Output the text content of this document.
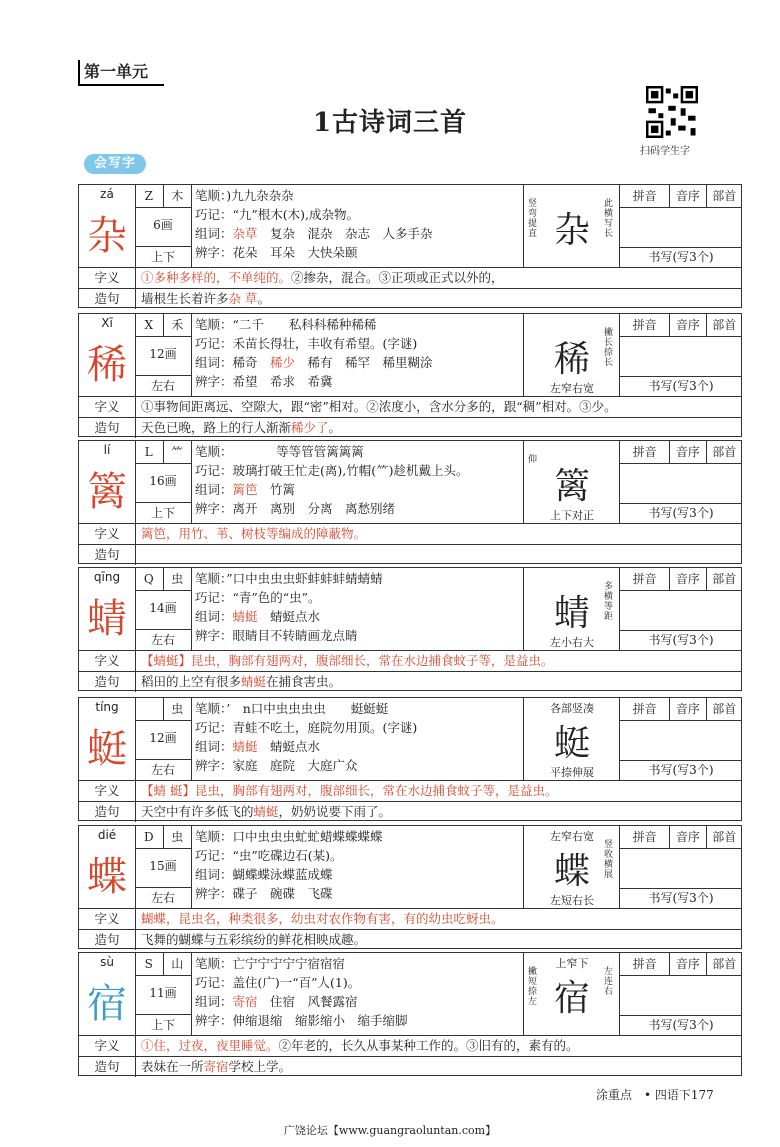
第一单元
1古诗词三首
扫码学生字
会写字
zá
杂
Z	木
6画
上下
笔顺：)九九杂杂杂
巧记：“九”根木(木),成杂物。
组词：杂草　复杂　混杂　杂志　人多手杂
辨字：花朵　耳朵　大快朵颐
杂
竖弯提直
此横写长
拼音	音序	部首
书写(写3个)
字义	①多种多样的，不单纯的。②掺杂，混合。③正项或正式以外的，
造句	墙根生长着许多杂 草。
Xī
稀
X	禾
12画
左右
笔顺：“二千　　私科科稀种稀稀
巧记：禾苗长得壮，丰收有希望。(字谜)
组词：稀奇　稀少　稀有　稀罕　稀里糊涂
辨字：希望　希求　希冀
稀
撇长捺长
左窄右宽
拼音	音序	部首
书写(写3个)
字义	①事物间距离远、空隙大，跟“密”相对。②浓度小，含水分多的，跟“稠”相对。③少。
造句	天色已晚，路上的行人渐渐稀少了。
lí
篱
L	⺮
16画
上下
笔顺：　　　　等等管管篱篱篱
巧记：玻璃打破王忙走(离),竹帽(⺮)趁机戴上头。
组词：篱笆　竹篱
辨字：离开　离别　分离　离愁别绪
篱
仰
上下对正
拼音	音序	部首
书写(写3个)
字义	篱笆，用竹、苇、树枝等编成的障蔽物。
造句
qīng
蜻
Q	虫
14画
左右
笔顺：”口中虫虫虫虾蚌蚌蚌蜻蜻蜻
巧记：“青”色的“虫”。
组词：蜻蜓　蜻蜓点水
辨字：眼睛目不转睛画龙点睛
蜻
多横等距
左小右大
拼音	音序	部首
书写(写3个)
字义	【蜻蜓】昆虫，胸部有翅两对，腹部细长，常在水边捕食蚊子等，是益虫。
造句	稻田的上空有很多蜻蜓在捕食害虫。
tíng
蜓
虫
12画
左右
笔顺：’　n口中虫虫虫虫　　蜓蜓蜓
巧记：青蛙不吃土，庭院勿用顶。(字谜)
组词：蜻蜓　蜻蜓点水
辨字：家庭　庭院　大庭广众
各部竖凑
蜓
平捺伸展
拼音	音序	部首
书写(写3个)
字义	【蜻 蜓】昆虫，胸部有翅两对，腹部细长，常在水边捕食蚊子等，是益虫。
造句	天空中有许多低飞的蜻蜓，奶奶说要下雨了。
dié
蝶
D	虫
15画
左右
笔顺：口中虫虫虫虻虻蜡蝶蝶蝶蝶
巧记：“虫”吃碟边石(某)。
组词：蝴蝶蝶泳蝶蓝成蝶
辨字：碟子　碗碟　飞碟
左窄右宽
蝶
竖收横展
左短右长
拼音	音序	部首
书写(写3个)
字义	蝴蝶，昆虫名，种类很多，幼虫对农作物有害，有的幼虫吃蚜虫。
造句	飞舞的蝴蝶与五彩缤纷的鲜花相映成趣。
sù
宿
S	山
11画
上下
笔顺：亡宁宁宁宁宁宿宿宿
巧记：盖住(广)一“百”人(1)。
组词：寄宿　住宿　风餐露宿
辨字：伸缩退缩　缩影缩小　缩手缩脚
上窄下
宿
撇短捺左
左连右
拼音	音序	部首
书写(写3个)
字义	①住，过夜，夜里睡觉。②年老的，长久从事某种工作的。③旧有的，素有的。
造句	表妹在一所寄宿学校上学。
涂重点　• 四语下177
广饶论坛【www.guangraoluntan.com】
